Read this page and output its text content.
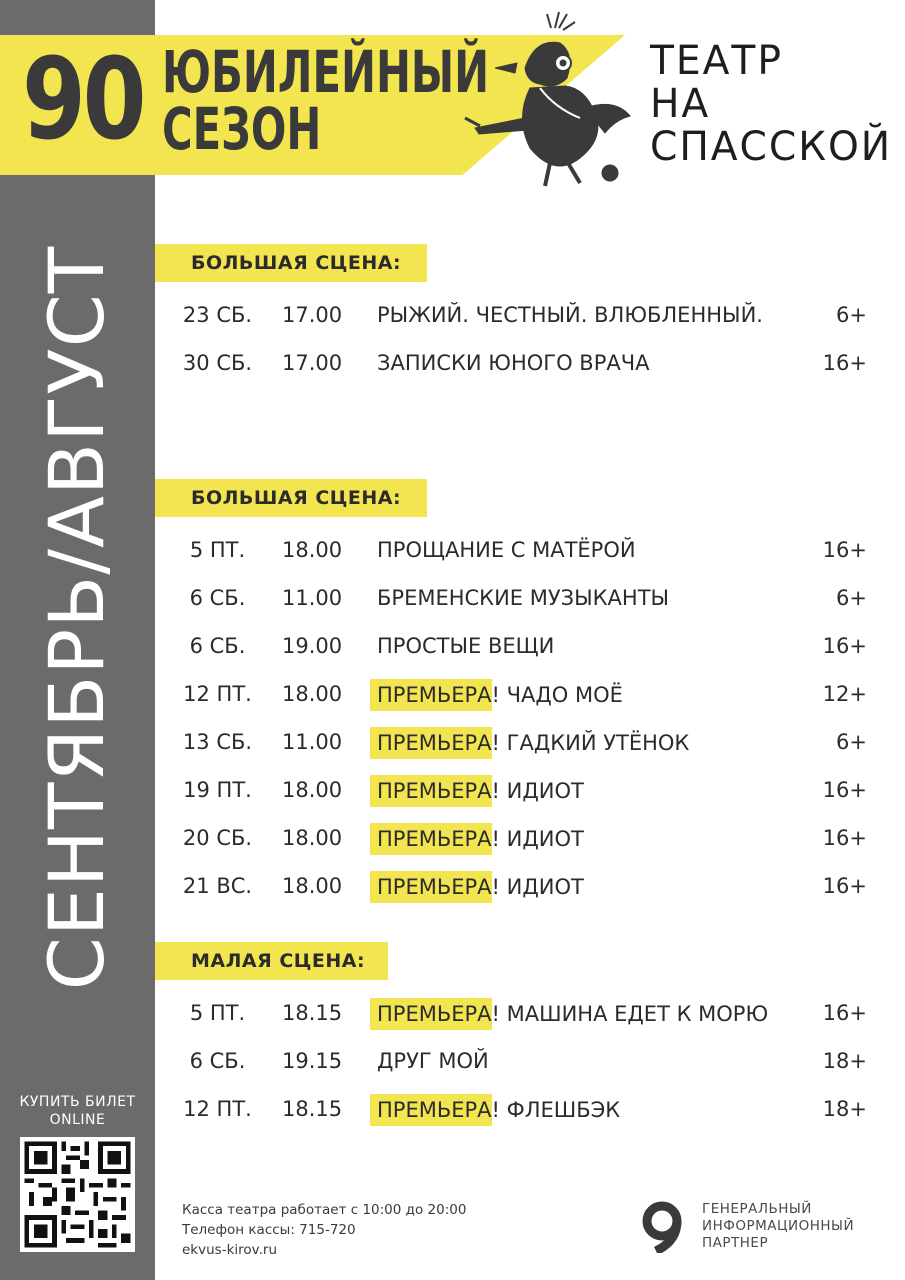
90 ЮБИЛЕЙНЫЙ
СЕЗОН
ТЕАТР
НА
СПАССКОЙ
СЕНТЯБРЬ/АВГУСТ
КУПИТЬ БИЛЕТ
ONLINE
БОЛЬШАЯ СЦЕНА:
23 СБ.	17.00 РЫЖИЙ. ЧЕСТНЫЙ. ВЛЮБЛЕННЫЙ.	6+
30 СБ.	17.00 ЗАПИСКИ ЮНОГО ВРАЧА	16+
БОЛЬШАЯ СЦЕНА:
5 ПТ.	18.00 ПРОЩАНИЕ С МАТЁРОЙ	16+
6 СБ.	11.00 БРЕМЕНСКИЕ МУЗЫКАНТЫ	6+
6 СБ.	19.00 ПРОСТЫЕ ВЕЩИ	16+
12 ПТ.	18.00 ПРЕМЬЕРА! ЧАДО МОЁ	12+
13 СБ.	11.00 ПРЕМЬЕРА! ГАДКИЙ УТЁНОК	6+
19 ПТ.	18.00 ПРЕМЬЕРА! ИДИОТ	16+
20 СБ.	18.00 ПРЕМЬЕРА! ИДИОТ	16+
21 ВС.	18.00 ПРЕМЬЕРА! ИДИОТ	16+
МАЛАЯ СЦЕНА:
5 ПТ.	18.15 ПРЕМЬЕРА! МАШИНА ЕДЕТ К МОРЮ	16+
6 СБ.	19.15 ДРУГ МОЙ	18+
12 ПТ.	18.15 ПРЕМЬЕРА! ФЛЕШБЭК	18+
Касса театра работает с 10:00 до 20:00
Телефон кассы: 715-720
ekvus-kirov.ru
ГЕНЕРАЛЬНЫЙ
ИНФОРМАЦИОННЫЙ
ПАРТНЕР
